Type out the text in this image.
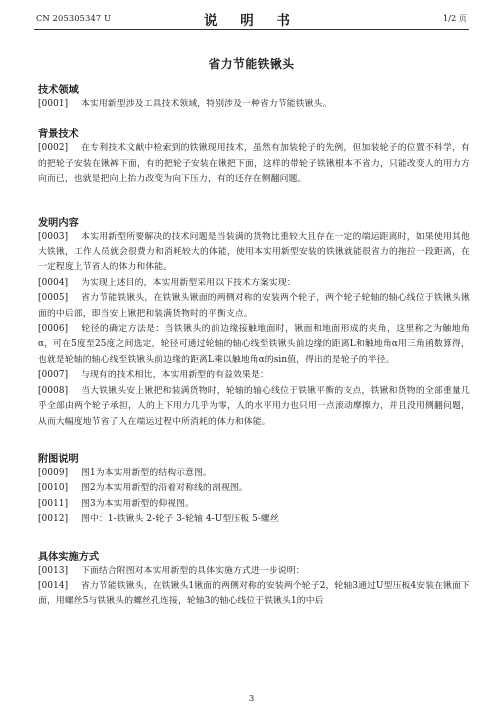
CN 205305347 U	说 明 书	1/2 页
省力节能铁锹头

技术领域

[0001] 本实用新型涉及工具技术领域，特别涉及一种省力节能铁锹头。

背景技术

[0002] 在专利技术文献中检索到的铁锹现用技术，虽然有加装轮子的先例，但加装轮子的位置不科学，有的把轮子安装在锹裤下面，有的把轮子安装在锹把下面，这样的带轮子铁锹根本不省力，只能改变人的用力方向而已，也就是把向上抬力改变为向下压力，有的还存在侧翻问题。

发明内容

[0003] 本实用新型所要解决的技术问题是当装满的货物比重较大且存在一定的端运距离时，如果使用其他大铁锹，工作人员就会很费力和消耗较大的体能，使用本实用新型安装的铁锹就能很省力的拖拉一段距离，在一定程度上节省人的体力和体能。

[0004] 为实现上述目的，本实用新型采用以下技术方案实现：

[0005] 省力节能铁锹头，在铁锹头锹面的两侧对称的安装两个轮子，两个轮子轮轴的轴心线位于铁锹头锹面的中后部，即当安上锹把和装满货物时的平衡支点。

[0006] 轮径的确定方法是：当铁锹头的前边缘接触地面时，锹面和地面形成的夹角，这里称之为触地角α，可在5度至25度之间选定，轮径可通过轮轴的轴心线至铁锹头前边缘的距离L和触地角α用三角函数算得，也就是轮轴的轴心线至铁锹头前边缘的距离L乘以触地角α的sin值，得出的是轮子的半径。

[0007] 与现有的技术相比，本实用新型的有益效果是：

[0008] 当大铁锹头安上锹把和装满货物时，轮轴的轴心线位于铁锹平衡的支点，铁锹和货物的全部重量几乎全部由两个轮子承担，人的上下用力几乎为零，人的水平用力也只用一点滚动摩擦力，并且没用侧翻问题，从而大幅度地节省了人在端运过程中所消耗的体力和体能。

附图说明

[0009] 图1为本实用新型的结构示意图。

[0010] 图2为本实用新型的沿着对称线的剖视图。

[0011] 图3为本实用新型的仰视图。

[0012] 图中：1-铁锹头 2-轮子 3-轮轴 4-U型压板 5-螺丝

具体实施方式

[0013] 下面结合附图对本实用新型的具体实施方式进一步说明：

[0014] 省力节能铁锹头，在铁锹头1锹面的两侧对称的安装两个轮子2，轮轴3通过U型压板4安装在锹面下面，用螺丝5与铁锹头的螺丝孔连接，轮轴3的轴心线位于铁锹头1的中后

3
